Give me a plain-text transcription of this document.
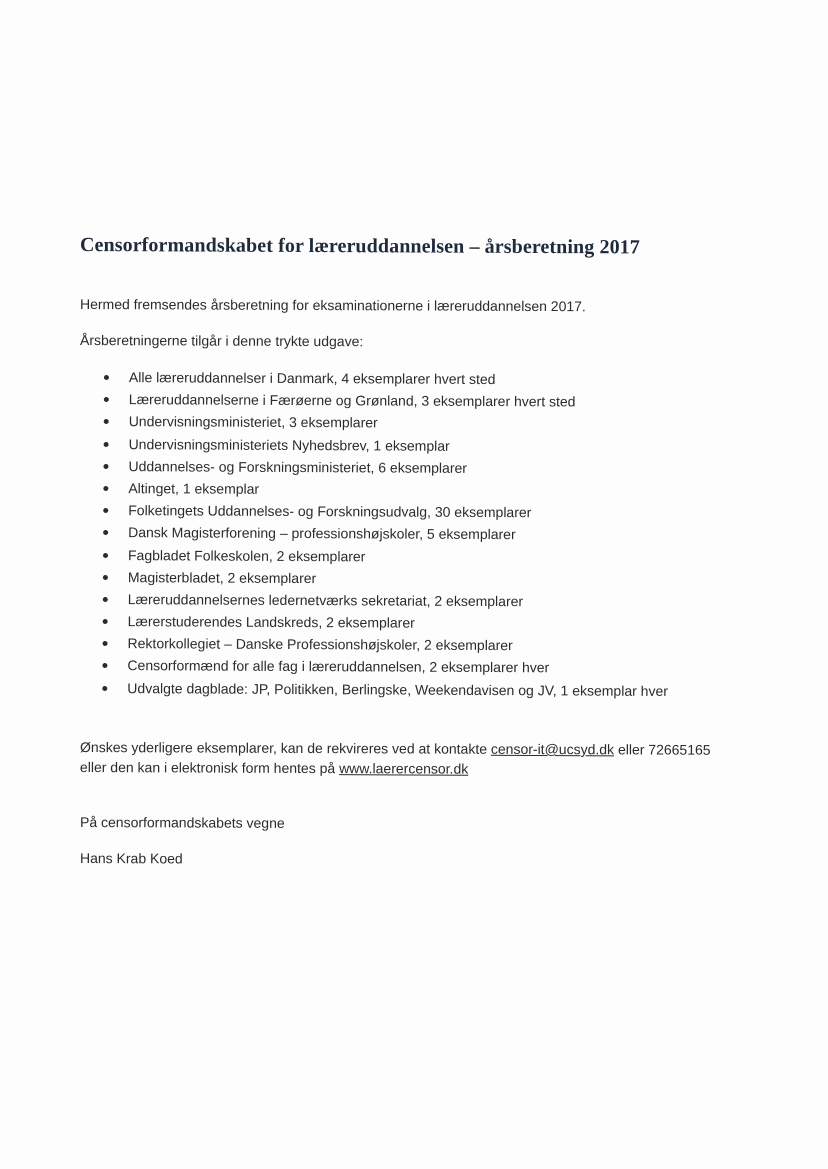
Censorformandskabet for læreruddannelsen – årsberetning 2017

Hermed fremsendes årsberetning for eksaminationerne i læreruddannelsen 2017.

Årsberetningerne tilgår i denne trykte udgave:

Alle læreruddannelser i Danmark, 4 eksemplarer hvert sted
Læreruddannelserne i Færøerne og Grønland, 3 eksemplarer hvert sted
Undervisningsministeriet, 3 eksemplarer
Undervisningsministeriets Nyhedsbrev, 1 eksemplar
Uddannelses- og Forskningsministeriet, 6 eksemplarer
Altinget, 1 eksemplar
Folketingets Uddannelses- og Forskningsudvalg, 30 eksemplarer
Dansk Magisterforening – professionshøjskoler, 5 eksemplarer
Fagbladet Folkeskolen, 2 eksemplarer
Magisterbladet, 2 eksemplarer
Læreruddannelsernes ledernetværks sekretariat, 2 eksemplarer
Lærerstuderendes Landskreds, 2 eksemplarer
Rektorkollegiet – Danske Professionshøjskoler, 2 eksemplarer
Censorformænd for alle fag i læreruddannelsen, 2 eksemplarer hver
Udvalgte dagblade: JP, Politikken, Berlingske, Weekendavisen og JV, 1 eksemplar hver

Ønskes yderligere eksemplarer, kan de rekvireres ved at kontakte censor-it@ucsyd.dk eller 72665165
eller den kan i elektronisk form hentes på www.laerercensor.dk

På censorformandskabets vegne

Hans Krab Koed
